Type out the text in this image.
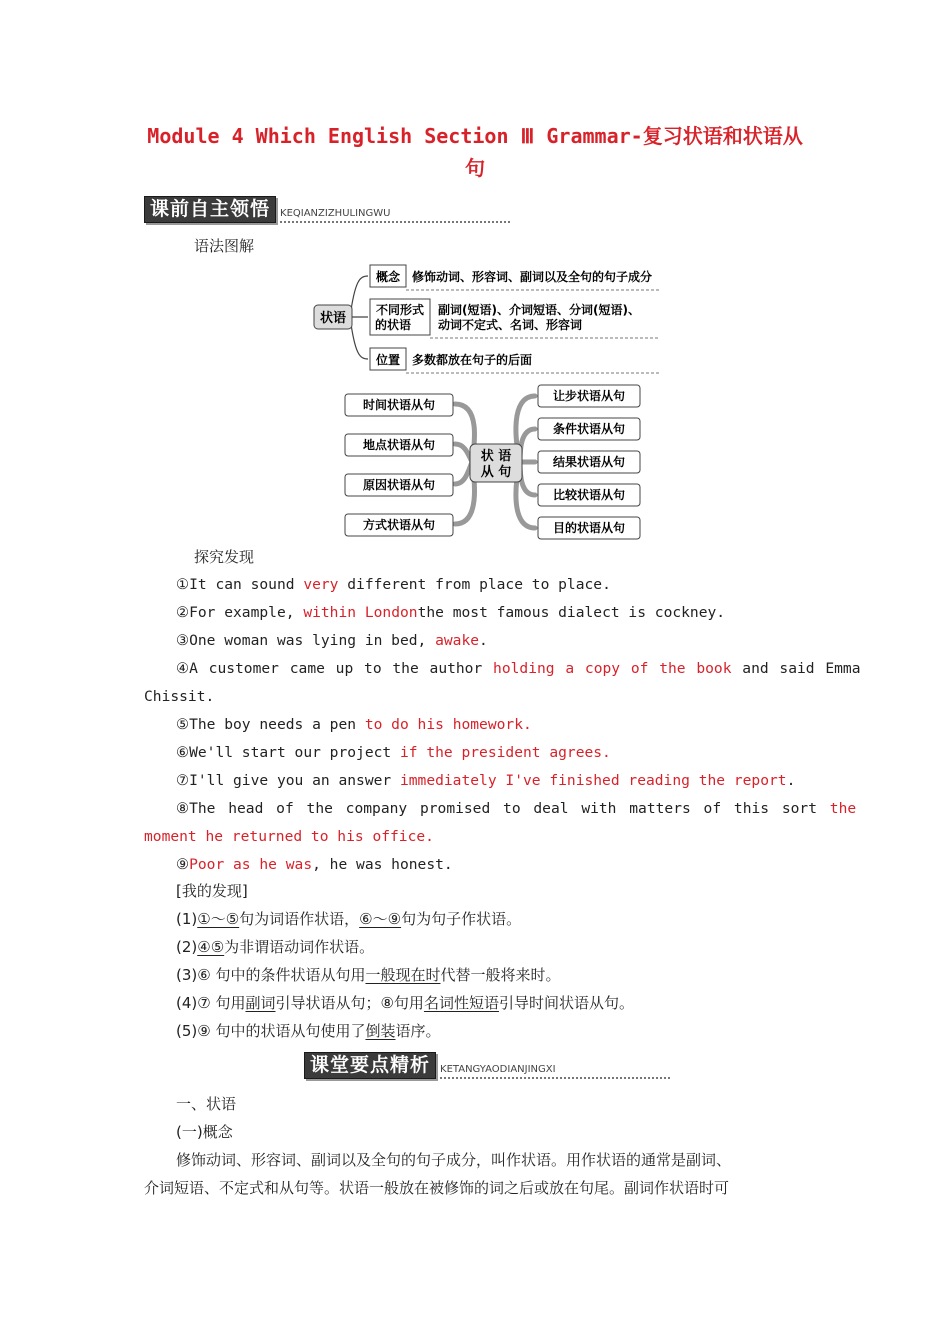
Module 4 Which English Section Ⅲ Grammar-复习状语和状语从
句
课前自主领悟	KEQIANZIZHULINGWU
语法图解
状语
概念 修饰动词、形容词、副词以及全句的句子成分
不同形式
的状语
副词(短语)、介词短语、分词(短语)、
动词不定式、名词、形容词
位置 多数都放在句子的后面
状 语
从 句
时间状语从句
地点状语从句
原因状语从句
方式状语从句
让步状语从句
条件状语从句
结果状语从句
比较状语从句
目的状语从句
探究发现
①It can sound very different from place to place.
②For example, within Londonthe most famous dialect is cockney.
③One woman was lying in bed, awake.
④A customer came up to the author holding a copy of the book and said Emma
Chissit.
⑤The boy needs a pen to do his homework.
⑥We'll start our project if the president agrees.
⑦I'll give you an answer immediately I've finished reading the report.
⑧The head of the company promised to deal with matters of this sort the
moment he returned to his office.
⑨Poor as he was, he was honest.
[我的发现]
(1)①～⑤句为词语作状语，⑥～⑨句为句子作状语。
(2)④⑤为非谓语动词作状语。
(3)⑥ 句中的条件状语从句用一般现在时代替一般将来时。
(4)⑦ 句用副词引导状语从句；⑧句用名词性短语引导时间状语从句。
(5)⑨ 句中的状语从句使用了倒装语序。
课堂要点精析	KETANGYAODIANJINGXI
一、状语
(一)概念
修饰动词、形容词、副词以及全句的句子成分，叫作状语。用作状语的通常是副词、
介词短语、不定式和从句等。状语一般放在被修饰的词之后或放在句尾。副词作状语时可
